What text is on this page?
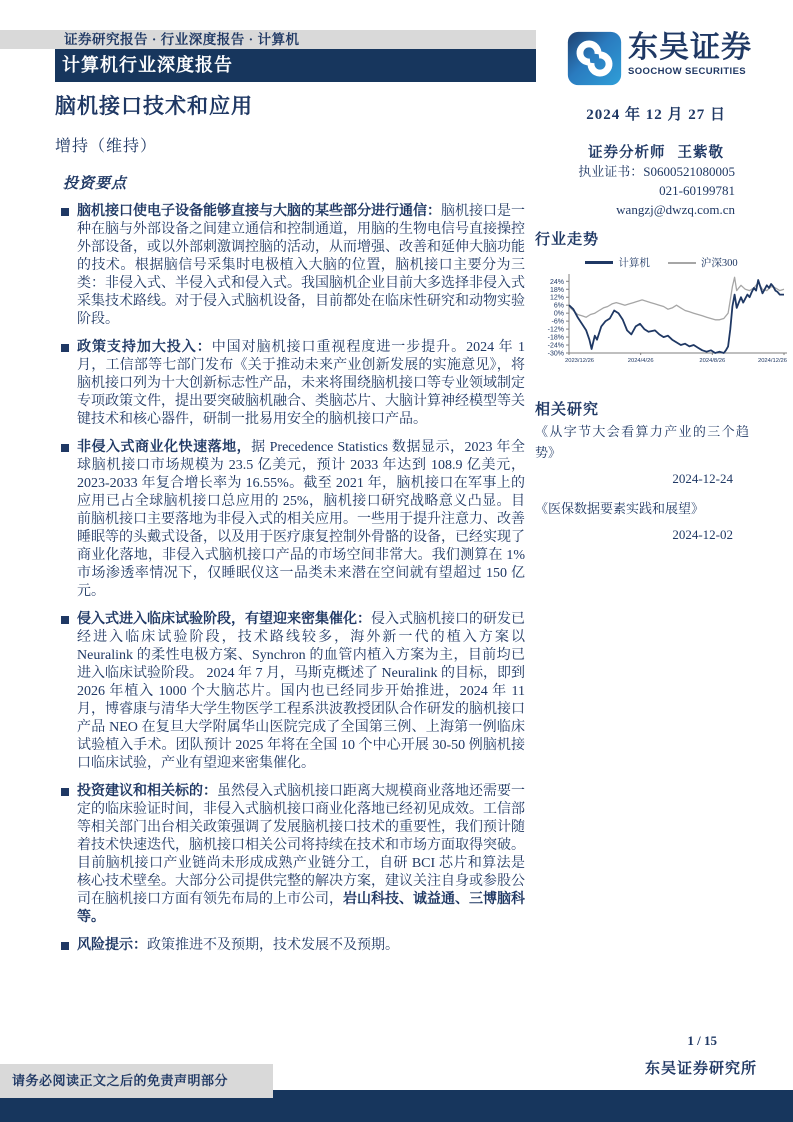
证券研究报告 · 行业深度报告 · 计算机
计算机行业深度报告
脑机接口技术和应用
增持（维持）
东吴证券
SOOCHOW SECURITIES
2024 年 12 月 27 日
证券分析师 王紫敬
执业证书：S0600521080005
021-60199781
wangzj@dwzq.com.cn
行业走势
计算机	沪深300
24%
18%
12%
6%
0%
-6%
-12%
-18%
-24%
-30%
2023/12/26	2024/4/26	2024/8/26	2024/12/26
相关研究
《从字节大会看算力产业的三个趋势》
2024-12-24
《医保数据要素实践和展望》
2024-12-02
投资要点
脑机接口使电子设备能够直接与大脑的某些部分进行通信：脑机接口是一种在脑与外部设备之间建立通信和控制通道，用脑的生物电信号直接操控外部设备，或以外部刺激调控脑的活动，从而增强、改善和延伸大脑功能的技术。根据脑信号采集时电极植入大脑的位置，脑机接口主要分为三类：非侵入式、半侵入式和侵入式。我国脑机企业目前大多选择非侵入式采集技术路线。对于侵入式脑机设备，目前都处在临床性研究和动物实验阶段。
政策支持加大投入：中国对脑机接口重视程度进一步提升。2024 年 1 月，工信部等七部门发布《关于推动未来产业创新发展的实施意见》，将脑机接口列为十大创新标志性产品，未来将围绕脑机接口等专业领域制定专项政策文件，提出要突破脑机融合、类脑芯片、大脑计算神经模型等关键技术和核心器件，研制一批易用安全的脑机接口产品。
非侵入式商业化快速落地，据 Precedence Statistics 数据显示，2023 年全球脑机接口市场规模为 23.5 亿美元，预计 2033 年达到 108.9 亿美元，2023-2033 年复合增长率为 16.55%。截至 2021 年，脑机接口在军事上的应用已占全球脑机接口总应用的 25%，脑机接口研究战略意义凸显。目前脑机接口主要落地为非侵入式的相关应用。一些用于提升注意力、改善睡眠等的头戴式设备，以及用于医疗康复控制外骨骼的设备，已经实现了商业化落地，非侵入式脑机接口产品的市场空间非常大。我们测算在 1%市场渗透率情况下，仅睡眠仪这一品类未来潜在空间就有望超过 150 亿元。
侵入式进入临床试验阶段，有望迎来密集催化：侵入式脑机接口的研发已经进入临床试验阶段，技术路线较多，海外新一代的植入方案以 Neuralink 的柔性电极方案、Synchron 的血管内植入方案为主，目前均已进入临床试验阶段。 2024 年 7 月，马斯克概述了 Neuralink 的目标，即到 2026 年植入 1000 个大脑芯片。国内也已经同步开始推进，2024 年 11 月，博睿康与清华大学生物医学工程系洪波教授团队合作研发的脑机接口产品 NEO 在复旦大学附属华山医院完成了全国第三例、上海第一例临床试验植入手术。团队预计 2025 年将在全国 10 个中心开展 30-50 例脑机接口临床试验，产业有望迎来密集催化。
投资建议和相关标的：虽然侵入式脑机接口距离大规模商业落地还需要一定的临床验证时间，非侵入式脑机接口商业化落地已经初见成效。工信部等相关部门出台相关政策强调了发展脑机接口技术的重要性，我们预计随着技术快速迭代，脑机接口相关公司将持续在技术和市场方面取得突破。目前脑机接口产业链尚未形成成熟产业链分工，自研 BCI 芯片和算法是核心技术壁垒。大部分公司提供完整的解决方案，建议关注自身或参股公司在脑机接口方面有领先布局的上市公司，岩山科技、诚益通、三博脑科等。
风险提示：政策推进不及预期，技术发展不及预期。
1 / 15
东吴证券研究所
请务必阅读正文之后的免责声明部分
